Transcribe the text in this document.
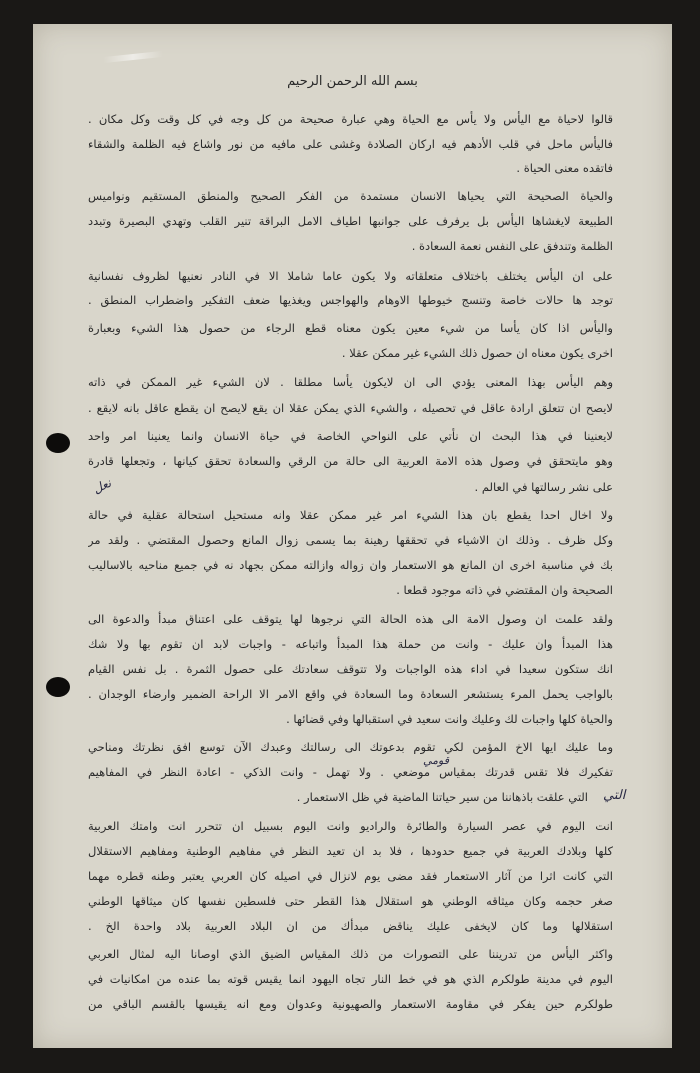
بسم الله الرحمن الرحيم
قالوا لاحياة مع اليأس ولا يأس مع الحياة وهي عبارة صحيحة من كل وجه في كل وقت وكل مكان .
فاليأس ماحل في قلب الأدهم فيه اركان الصلادة وغشى على مافيه من نور واشاع فيه الظلمة والشقاء
فاتقده معنى الحياة .
والحياة الصحيحة التي يحياها الانسان مستمدة من الفكر الصحيح والمنطق المستقيم ونواميس
الطبيعة لايغشاها اليأس بل يرفرف على جوانبها اطياف الامل البراقة تنير القلب وتهدي البصيرة وتبدد
الظلمة وتندفق على النفس نعمة السعادة .
على ان اليأس يختلف باختلاف متعلقاته ولا يكون عاما شاملا الا في النادر نعنيها لظروف نفسانية
توجد ها حالات خاصة وتنسج خيوطها الاوهام والهواجس ويغذيها ضعف التفكير واضطراب المنطق .
واليأس اذا كان يأسا من شيء معين يكون معناه قطع الرجاء من حصول هذا الشيء وبعبارة
اخرى يكون معناه ان حصول ذلك الشيء غير ممكن عقلا .
وهم اليأس بهذا المعنى يؤدي الى ان لايكون يأسا مطلقا . لان الشيء غير الممكن في ذاته
لايصح ان تتعلق ارادة عاقل في تحصيله ، والشيء الذي يمكن عقلا ان يقع لايصح ان يقطع عاقل بانه لايقع .
لايعنينا في هذا البحث ان نأتي على النواحي الخاصة في حياة الانسان وانما يعنينا امر واحد
وهو مايتحقق في وصول هذه الامة العربية الى حالة من الرقي والسعادة تحقق كيانها ، وتجعلها قادرة
على نشر رسالتها في العالم .
ولا اخال احدا يقطع بان هذا الشيء امر غير ممكن عقلا وانه مستحيل استحالة عقلية في حالة
وكل ظرف . وذلك ان الاشياء في تحققها رهينة بما يسمى زوال المانع وحصول المقتضي . ولقد مر
بك في مناسبة اخرى ان المانع هو الاستعمار وان زواله وازالته ممكن بجهاد نه في جميع مناحيه بالاساليب
الصحيحة وان المقتضي في ذاته موجود قطعا .
ولقد علمت ان وصول الامة الى هذه الحالة التي نرجوها لها يتوقف على اعتناق مبدأ والدعوة الى
هذا المبدأ وان عليك - وانت من حملة هذا المبدأ واتباعه - واجبات لابد ان تقوم بها ولا شك
انك ستكون سعيدا في اداء هذه الواجبات ولا تتوقف سعادتك على حصول الثمرة . بل نفس القيام
بالواجب يحمل المرء يستشعر السعادة وما السعادة في واقع الامر الا الراحة الضمير وارضاء الوجدان .
والحياة كلها واجبات لك وعليك وانت سعيد في استقبالها وفي قضائها .
وما عليك ايها الاخ المؤمن لكي تقوم بدعوتك الى رسالتك وعبدك الآن توسع افق نظرتك ومناحي
تفكيرك فلا تقس قدرتك بمقياس موضعي . ولا تهمل - وانت الذكي - اعادة النظر في المفاهيم
التي علقت باذهاننا من سير حياتنا الماضية في ظل الاستعمار .
انت اليوم في عصر السيارة والطائرة والراديو وانت اليوم بسبيل ان تتحرر انت وامتك العربية
كلها وبلادك العربية في جميع حدودها ، فلا بد ان تعيد النظر في مفاهيم الوطنية ومفاهيم الاستقلال
التي كانت اثرا من آثار الاستعمار فقد مضى يوم لانزال في اصيله كان العربي يعتبر وطنه قطره مهما
صغر حجمه وكان ميثاقه الوطني هو استقلال هذا القطر حتى فلسطين نفسها كان ميثاقها الوطني
استقلالها وما كان لايخفى عليك يناقض مبدأك من ان البلاد العربية بلاد واحدة الخ .
واكثر اليأس من تدريننا على التصورات من ذلك المقياس الضيق الذي اوصانا اليه لمثال العربي
اليوم في مدينة طولكرم الذي هو في خط النار تجاه اليهود انما يقيس قوته بما عنده من امكانيات في
طولكرم حين يفكر في مقاومة الاستعمار والصهيونية وعدوان ومع انه يقيسها بالقسم الباقي من
نعل
قومي
التي
